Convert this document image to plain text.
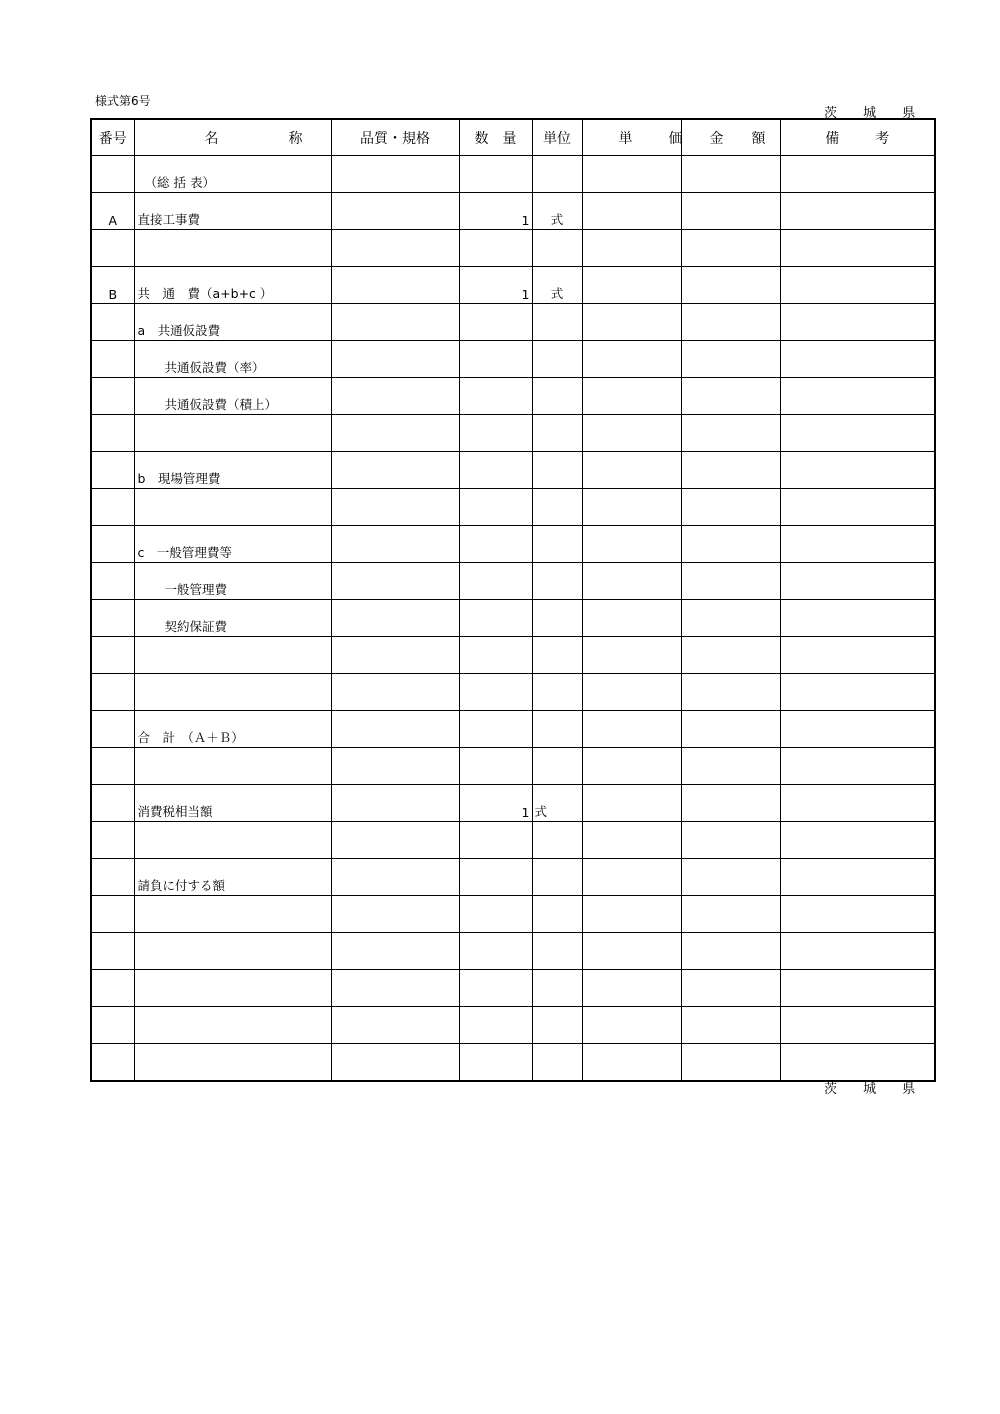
様式第6号
茨 城 県
番号	名称	品質・規格	数量	単位	単価	金額	備考
	（総 括 表）						
A	直接工事費		1	式			

B	共　通　費（a+b+c ）		1	式			
	a　共通仮設費						
	共通仮設費（率）						
	共通仮設費（積上）						

	b　現場管理費						

	c　一般管理費等						
	一般管理費						
	契約保証費						

	合　計　（Ａ＋Ｂ）						

	消費税相当額		1	式			

	請負に付する額						

茨 城 県
